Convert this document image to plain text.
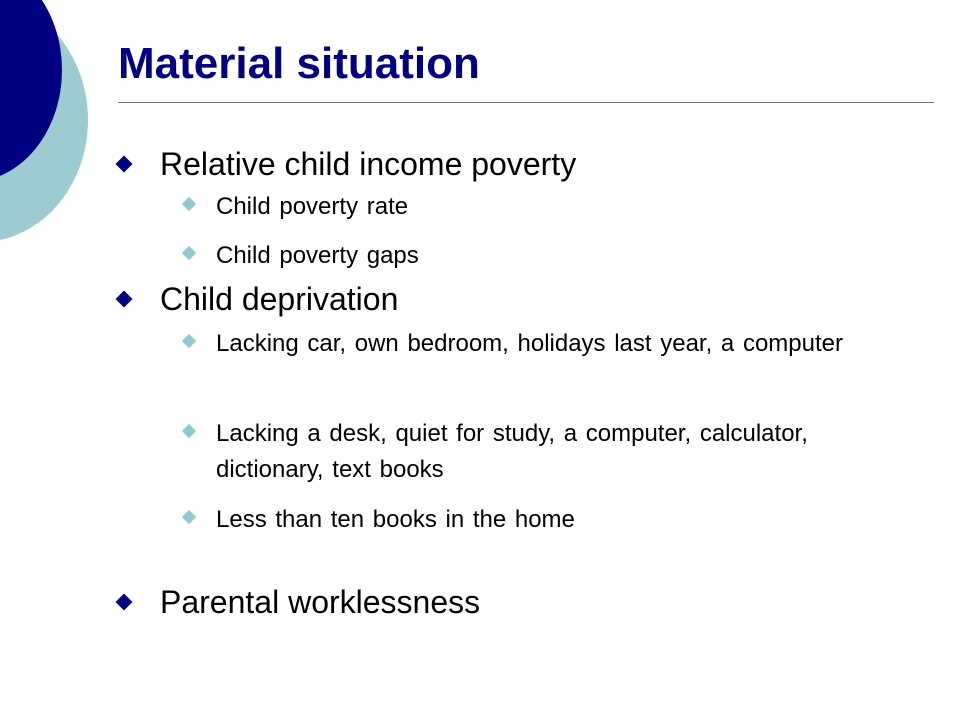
Material situation
Relative child income poverty
Child poverty rate
Child poverty gaps
Child deprivation
Lacking car, own bedroom, holidays last year, a computer
Lacking a desk, quiet for study, a computer, calculator, dictionary, text books
Less than ten books in the home
Parental worklessness
